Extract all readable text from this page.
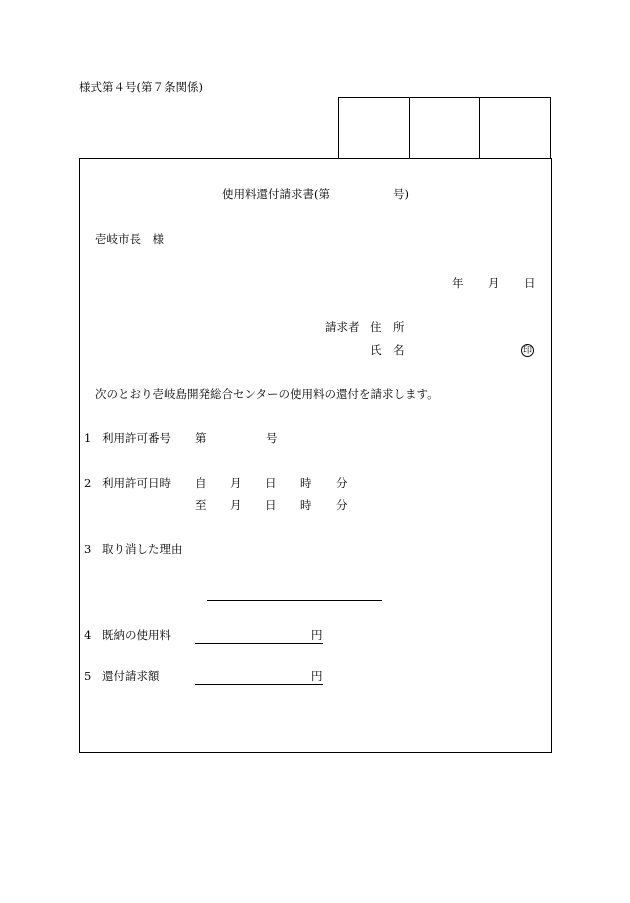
様式第４号(第７条関係)
使用料還付請求書(第	号)
壱岐市長　様
年 月 日
請求者 住　所
氏　名	印
次のとおり壱岐島開発総合センターの使用料の還付を請求します。
1 利用許可番号 第	号
2 利用許可日時 自 月 日 時 分
至 月 日 時 分
3 取り消した理由
4 既納の使用料	円
5 還付請求額	円
